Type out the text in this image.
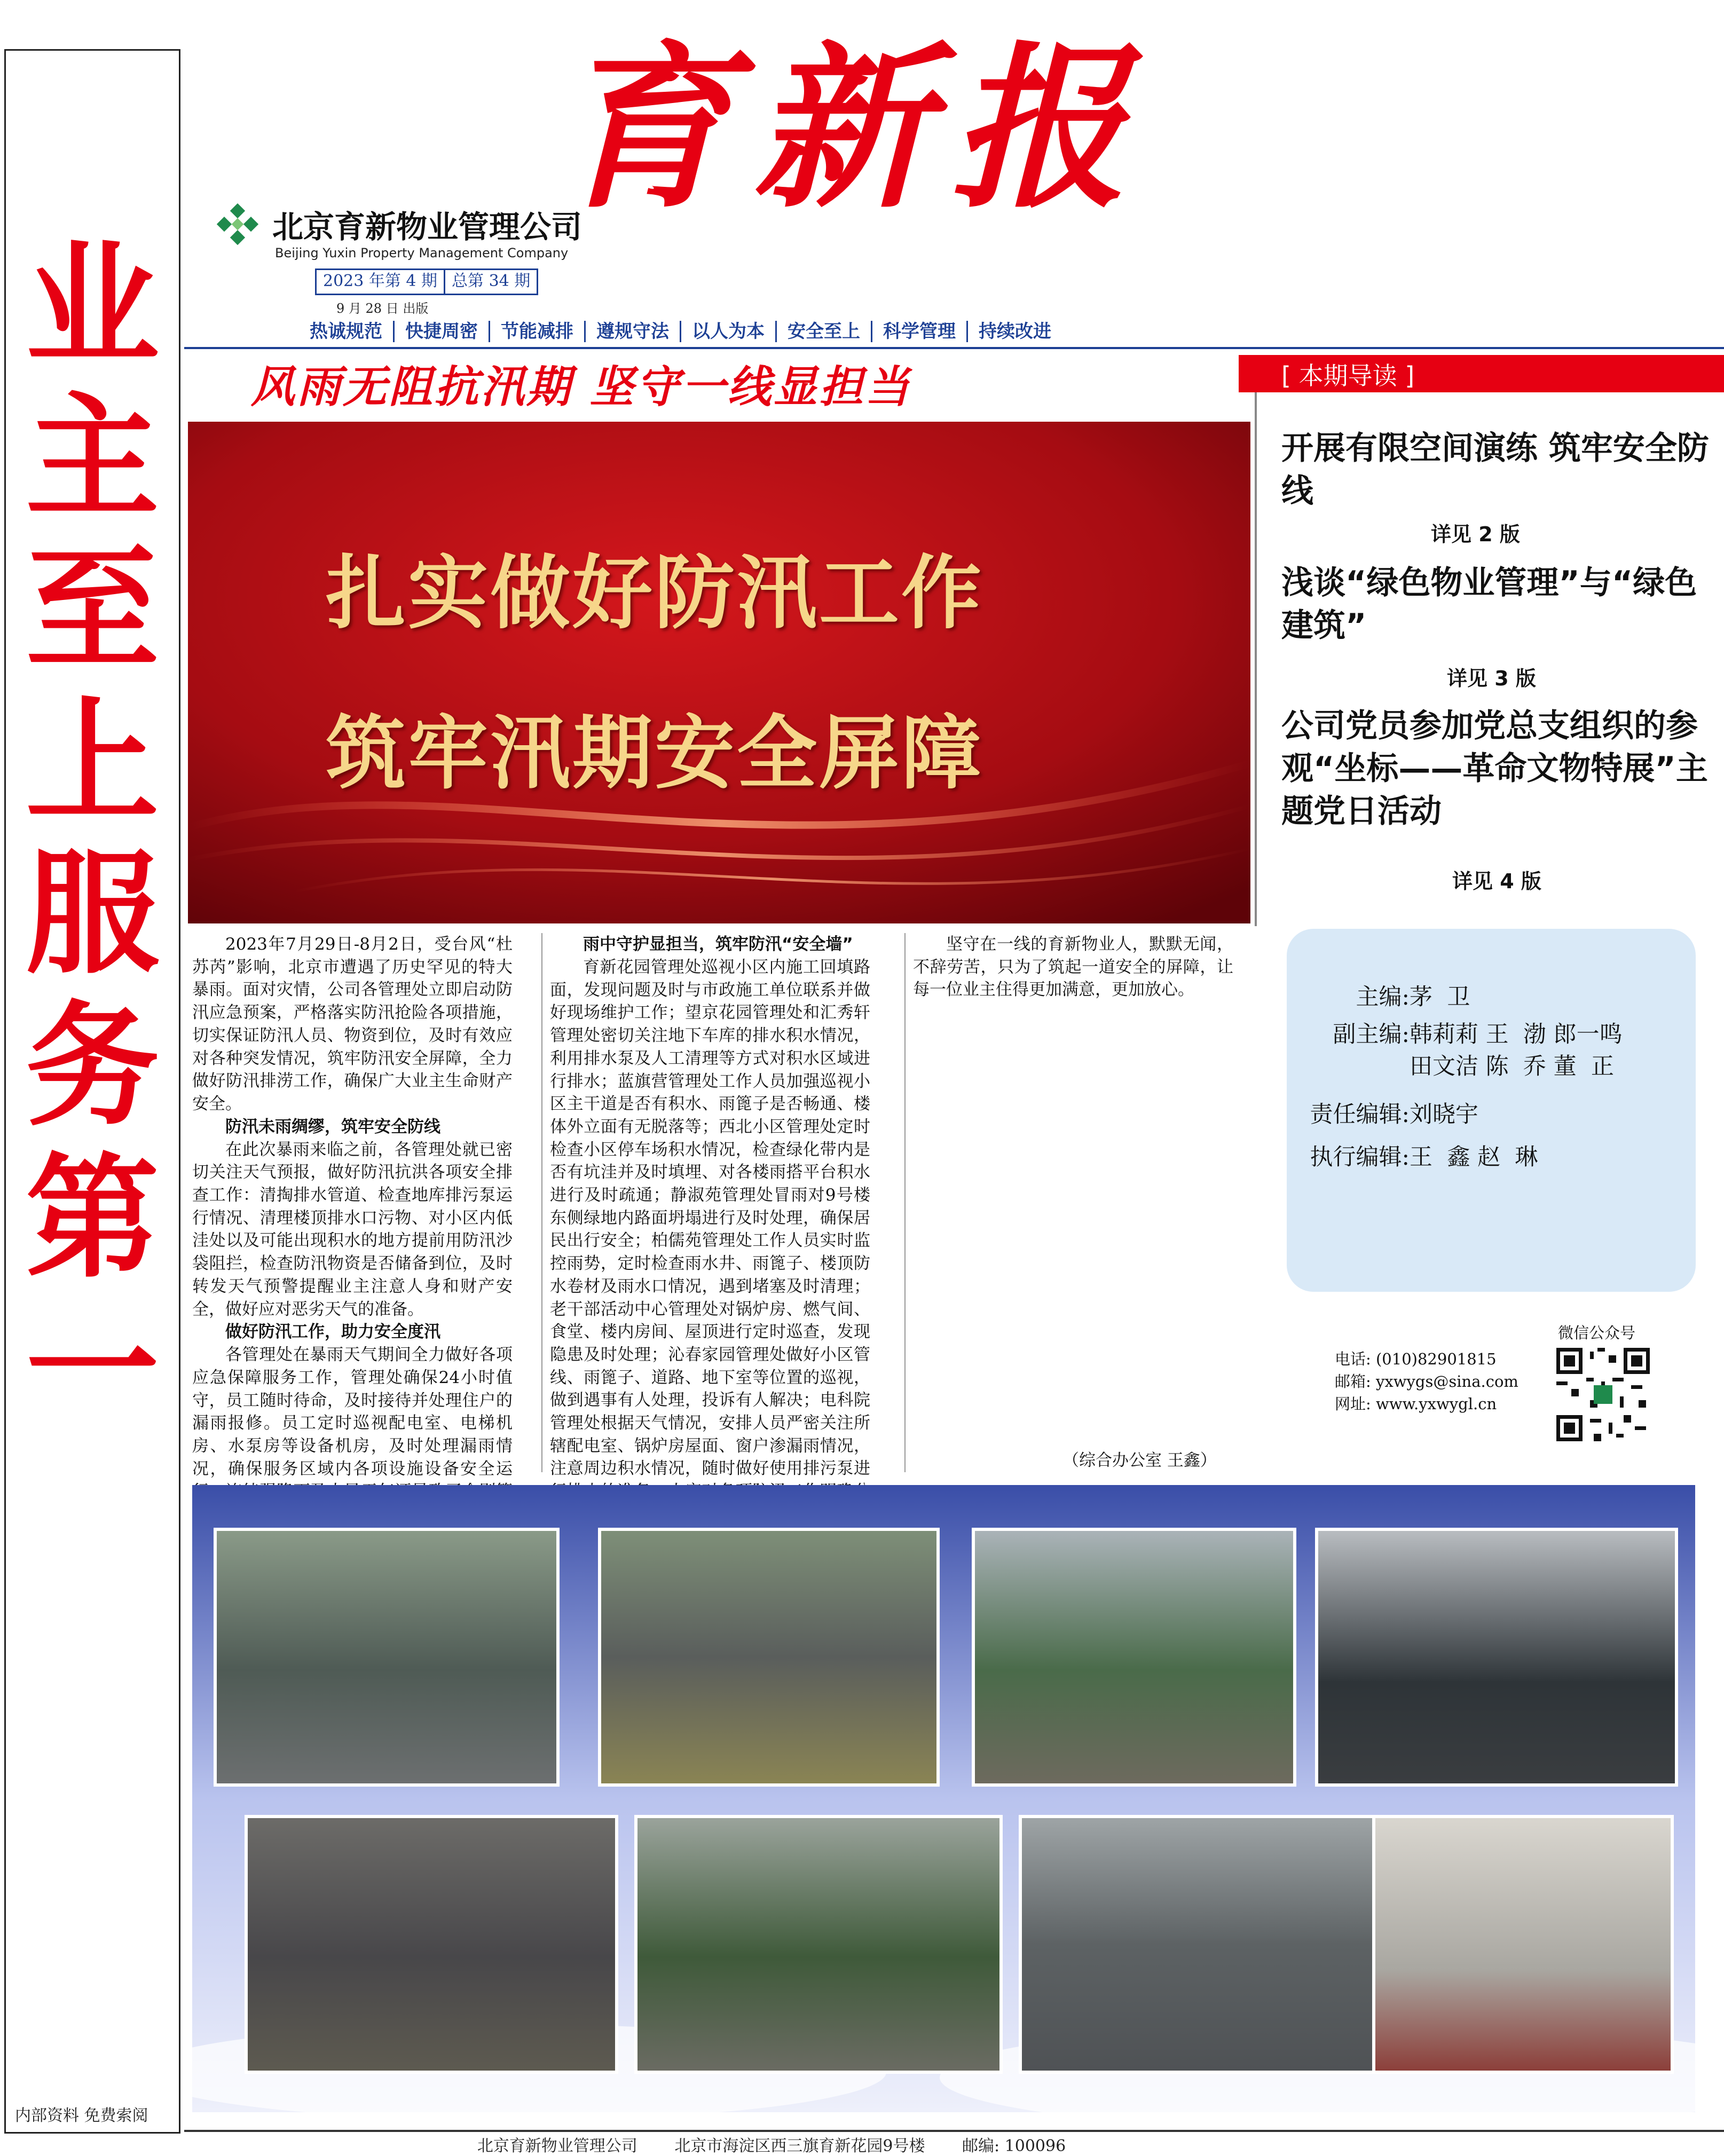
业
主
至
上
服
务
第
一
内部资料 免费索阅
育新报
北京育新物业管理公司
Beijing Yuxin Property Management Company
2023 年第 4 期 总第 34 期
9 月 28 日 出版
热诚规范	快捷周密	节能减排	遵规守法	以人为本	安全至上	科学管理	持续改进
风雨无阻抗汛期 坚守一线显担当
扎实做好防汛工作
筑牢汛期安全屏障
[ 本期导读 ]
开展有限空间演练 筑牢安全防线
详见 2 版
浅谈“绿色物业管理”与“绿色建筑”
详见 3 版
公司党员参加党总支组织的参观“坐标——革命文物特展”主题党日活动
详见 4 版

2023年7月29日-8月2日，受台风“杜苏芮”影响，北京市遭遇了历史罕见的特大暴雨。面对灾情，公司各管理处立即启动防汛应急预案，严格落实防汛抢险各项措施，切实保证防汛人员、物资到位，及时有效应对各种突发情况，筑牢防汛安全屏障，全力做好防汛排涝工作，确保广大业主生命财产安全。

防汛未雨绸缪，筑牢安全防线

在此次暴雨来临之前，各管理处就已密切关注天气预报，做好防汛抗洪各项安全排查工作：清掏排水管道、检查地库排污泵运行情况、清理楼顶排水口污物、对小区内低洼处以及可能出现积水的地方提前用防汛沙袋阻拦，检查防汛物资是否储备到位，及时转发天气预警提醒业主注意人身和财产安全，做好应对恶劣天气的准备。

做好防汛工作，助力安全度汛

各管理处在暴雨天气期间全力做好各项应急保障服务工作，管理处确保24小时值守，员工随时待命，及时接待并处理住户的漏雨报修。员工定时巡视配电室、电梯机房、水泵房等设备机房，及时处理漏雨情况，确保服务区域内各项设施设备安全运

雨中守护显担当，筑牢防汛“安全墙”

育新花园管理处巡视小区内施工回填路面，发现问题及时与市政施工单位联系并做好现场维护工作；望京花园管理处和汇秀轩管理处密切关注地下车库的排水积水情况，利用排水泵及人工清理等方式对积水区域进行排水；蓝旗营管理处工作人员加强巡视小区主干道是否有积水、雨篦子是否畅通、楼体外立面有无脱落等；西北小区管理处定时检查小区停车场积水情况，检查绿化带内是否有坑洼并及时填埋、对各楼雨搭平台积水进行及时疏通；静淑苑管理处冒雨对9号楼东侧绿地内路面坍塌进行及时处理，确保居民出行安全；柏儒苑管理处工作人员实时监控雨势，定时检查雨水井、雨篦子、楼顶防水卷材及雨水口情况，遇到堵塞及时清理；老干部活动中心管理处对锅炉房、燃气间、食堂、楼内房间、屋顶进行定时巡查，发现隐患及时处理；沁春家园管理处做好小区管线、雨篦子、道路、地下室等位置的巡视，做到遇事有人处理，投诉有人解决；电科院管理处根据天气情况，安排人员严密关注所辖配电室、锅炉房屋面、窗户渗漏雨情况，注意周边积水情况，随时做好使用排污泵进

坚守在一线的育新物业人，默默无闻，不辞劳苦，只为了筑起一道安全的屏障，让每一位业主住得更加满意，更加放心。

（综合办公室 王鑫）
主编:茅  卫
副主编:韩莉莉 王  渤 郎一鸣
田文洁 陈  乔 董  正
责任编辑:刘晓宇
执行编辑:王  鑫 赵  琳
电话: (010)82901815
邮箱: yxwygs@sina.com
网址: www.yxwygl.cn
微信公众号
北京育新物业管理公司 北京市海淀区西三旗育新花园9号楼 邮编: 100096
